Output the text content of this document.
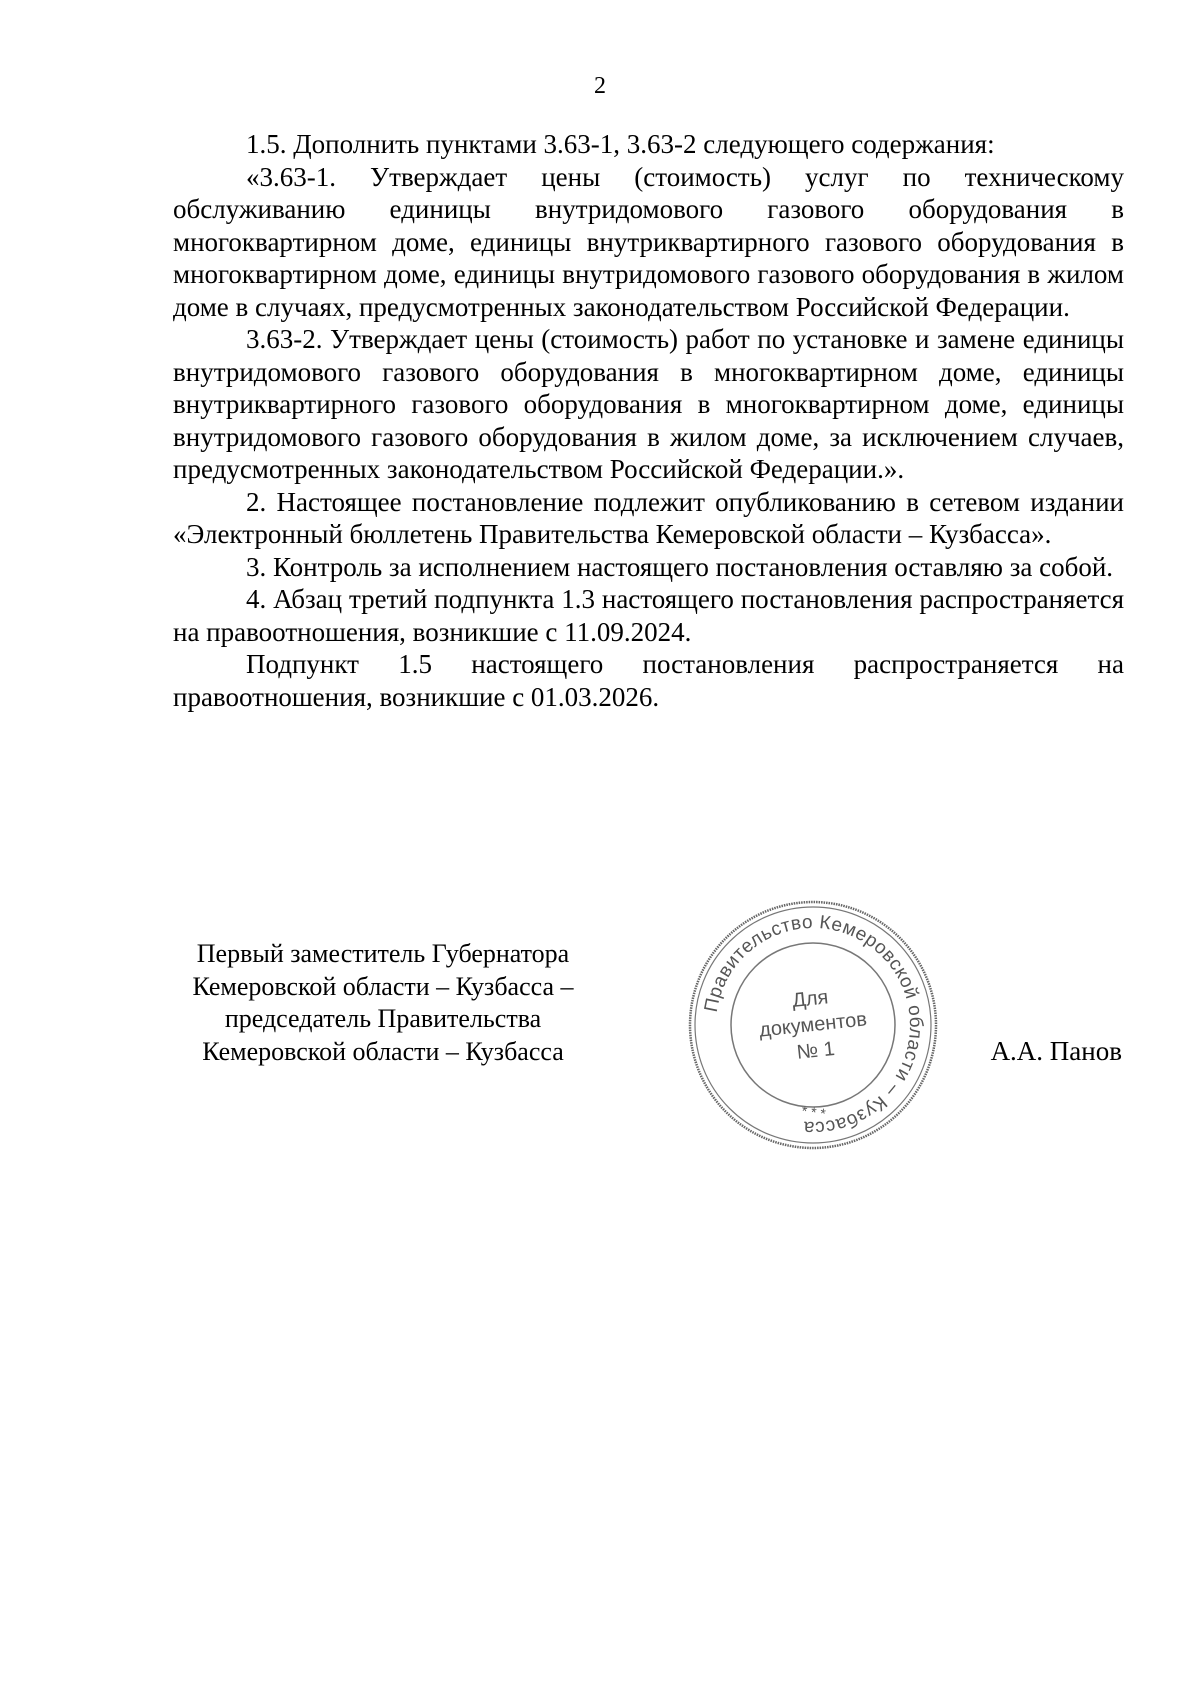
2

1.5. Дополнить пунктами 3.63-1, 3.63-2 следующего содержания:

«3.63-1. Утверждает цены (стоимость) услуг по техническому обслуживанию единицы внутридомового газового оборудования в многоквартирном доме, единицы внутриквартирного газового оборудования в многоквартирном доме, единицы внутридомового газового оборудования в жилом доме в случаях, предусмотренных законодательством Российской Федерации.

3.63-2. Утверждает цены (стоимость) работ по установке и замене единицы внутридомового газового оборудования в многоквартирном доме, единицы внутриквартирного газового оборудования в многоквартирном доме, единицы внутридомового газового оборудования в жилом доме, за исключением случаев, предусмотренных законодательством Российской Федерации.».

2. Настоящее постановление подлежит опубликованию в сетевом издании «Электронный бюллетень Правительства Кемеровской области – Кузбасса».

3. Контроль за исполнением настоящего постановления оставляю за собой.

4. Абзац третий подпункта 1.3 настоящего постановления распространяется на правоотношения, возникшие с 11.09.2024.

Подпункт 1.5 настоящего постановления распространяется на правоотношения, возникшие с 01.03.2026.

Первый заместитель Губернатора
Кемеровской области – Кузбасса –
председатель Правительства
Кемеровской области – Кузбасса	А.А. Панов
Правительство Кемеровской области – Кузбасса
* * *
Для
документов
№ 1
